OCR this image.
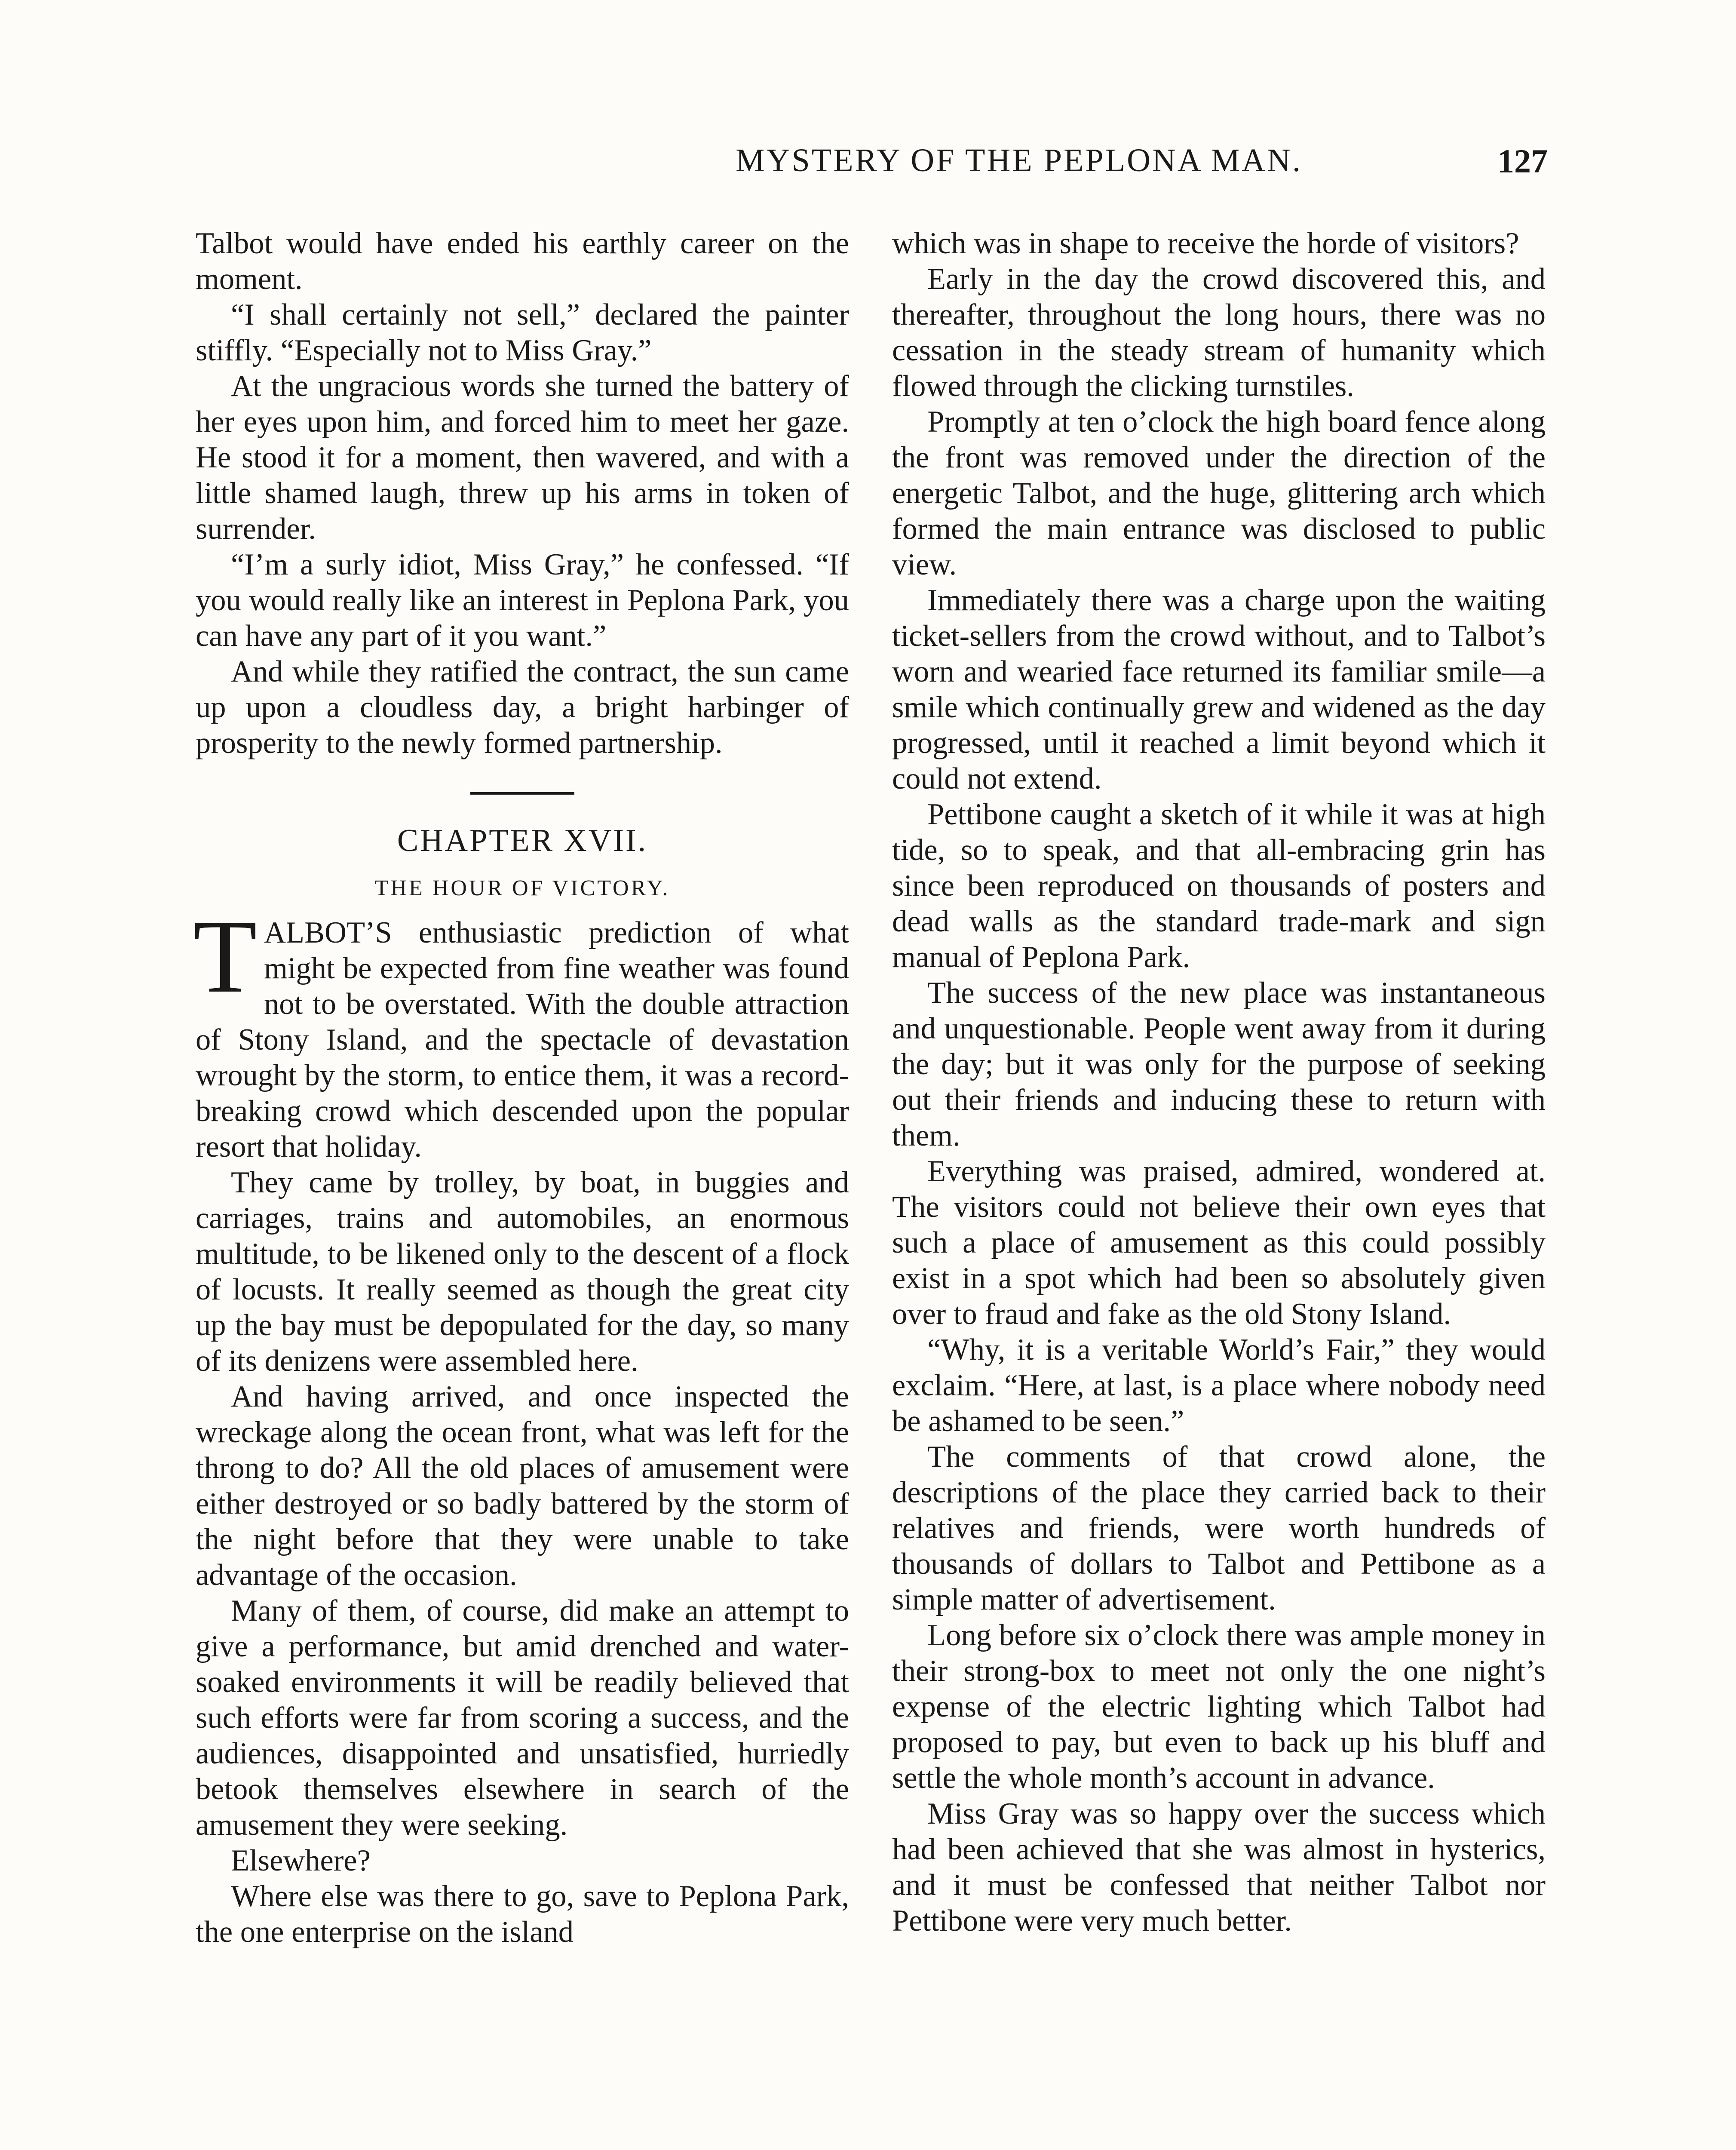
MYSTERY OF THE PEPLONA MAN.	127

Talbot would have ended his earthly career on the moment.

“I shall certainly not sell,” declared the painter stiffly. “Especially not to Miss Gray.”

At the ungracious words she turned the battery of her eyes upon him, and forced him to meet her gaze. He stood it for a moment, then wavered, and with a little shamed laugh, threw up his arms in token of surrender.

“I’m a surly idiot, Miss Gray,” he confessed. “If you would really like an interest in Peplona Park, you can have any part of it you want.”

And while they ratified the contract, the sun came up upon a cloudless day, a bright harbinger of prosperity to the newly formed partnership.

CHAPTER XVII.
THE HOUR OF VICTORY.

TALBOT’S enthusiastic prediction of what might be expected from fine weather was found not to be overstated. With the double attraction of Stony Island, and the spectacle of devastation wrought by the storm, to entice them, it was a record-breaking crowd which descended upon the popular resort that holiday.

They came by trolley, by boat, in buggies and carriages, trains and automobiles, an enormous multitude, to be likened only to the descent of a flock of locusts. It really seemed as though the great city up the bay must be depopulated for the day, so many of its denizens were assembled here.

And having arrived, and once inspected the wreckage along the ocean front, what was left for the throng to do? All the old places of amusement were either destroyed or so badly battered by the storm of the night before that they were unable to take advantage of the occasion.

Many of them, of course, did make an attempt to give a performance, but amid drenched and water-soaked environments it will be readily believed that such efforts were far from scoring a success, and the audiences, disappointed and unsatisfied, hurriedly betook themselves elsewhere in search of the amusement they were seeking.

Elsewhere?

Where else was there to go, save to Peplona Park, the one enterprise on the island

which was in shape to receive the horde of visitors?

Early in the day the crowd discovered this, and thereafter, throughout the long hours, there was no cessation in the steady stream of humanity which flowed through the clicking turnstiles.

Promptly at ten o’clock the high board fence along the front was removed under the direction of the energetic Talbot, and the huge, glittering arch which formed the main entrance was disclosed to public view.

Immediately there was a charge upon the waiting ticket-sellers from the crowd without, and to Talbot’s worn and wearied face returned its familiar smile—a smile which continually grew and widened as the day progressed, until it reached a limit beyond which it could not extend.

Pettibone caught a sketch of it while it was at high tide, so to speak, and that all-embracing grin has since been reproduced on thousands of posters and dead walls as the standard trade-mark and sign manual of Peplona Park.

The success of the new place was instantaneous and unquestionable. People went away from it during the day; but it was only for the purpose of seeking out their friends and inducing these to return with them.

Everything was praised, admired, wondered at. The visitors could not believe their own eyes that such a place of amusement as this could possibly exist in a spot which had been so absolutely given over to fraud and fake as the old Stony Island.

“Why, it is a veritable World’s Fair,” they would exclaim. “Here, at last, is a place where nobody need be ashamed to be seen.”

The comments of that crowd alone, the descriptions of the place they carried back to their relatives and friends, were worth hundreds of thousands of dollars to Talbot and Pettibone as a simple matter of advertisement.

Long before six o’clock there was ample money in their strong-box to meet not only the one night’s expense of the electric lighting which Talbot had proposed to pay, but even to back up his bluff and settle the whole month’s account in advance.

Miss Gray was so happy over the success which had been achieved that she was almost in hysterics, and it must be confessed that neither Talbot nor Pettibone were very much better.
